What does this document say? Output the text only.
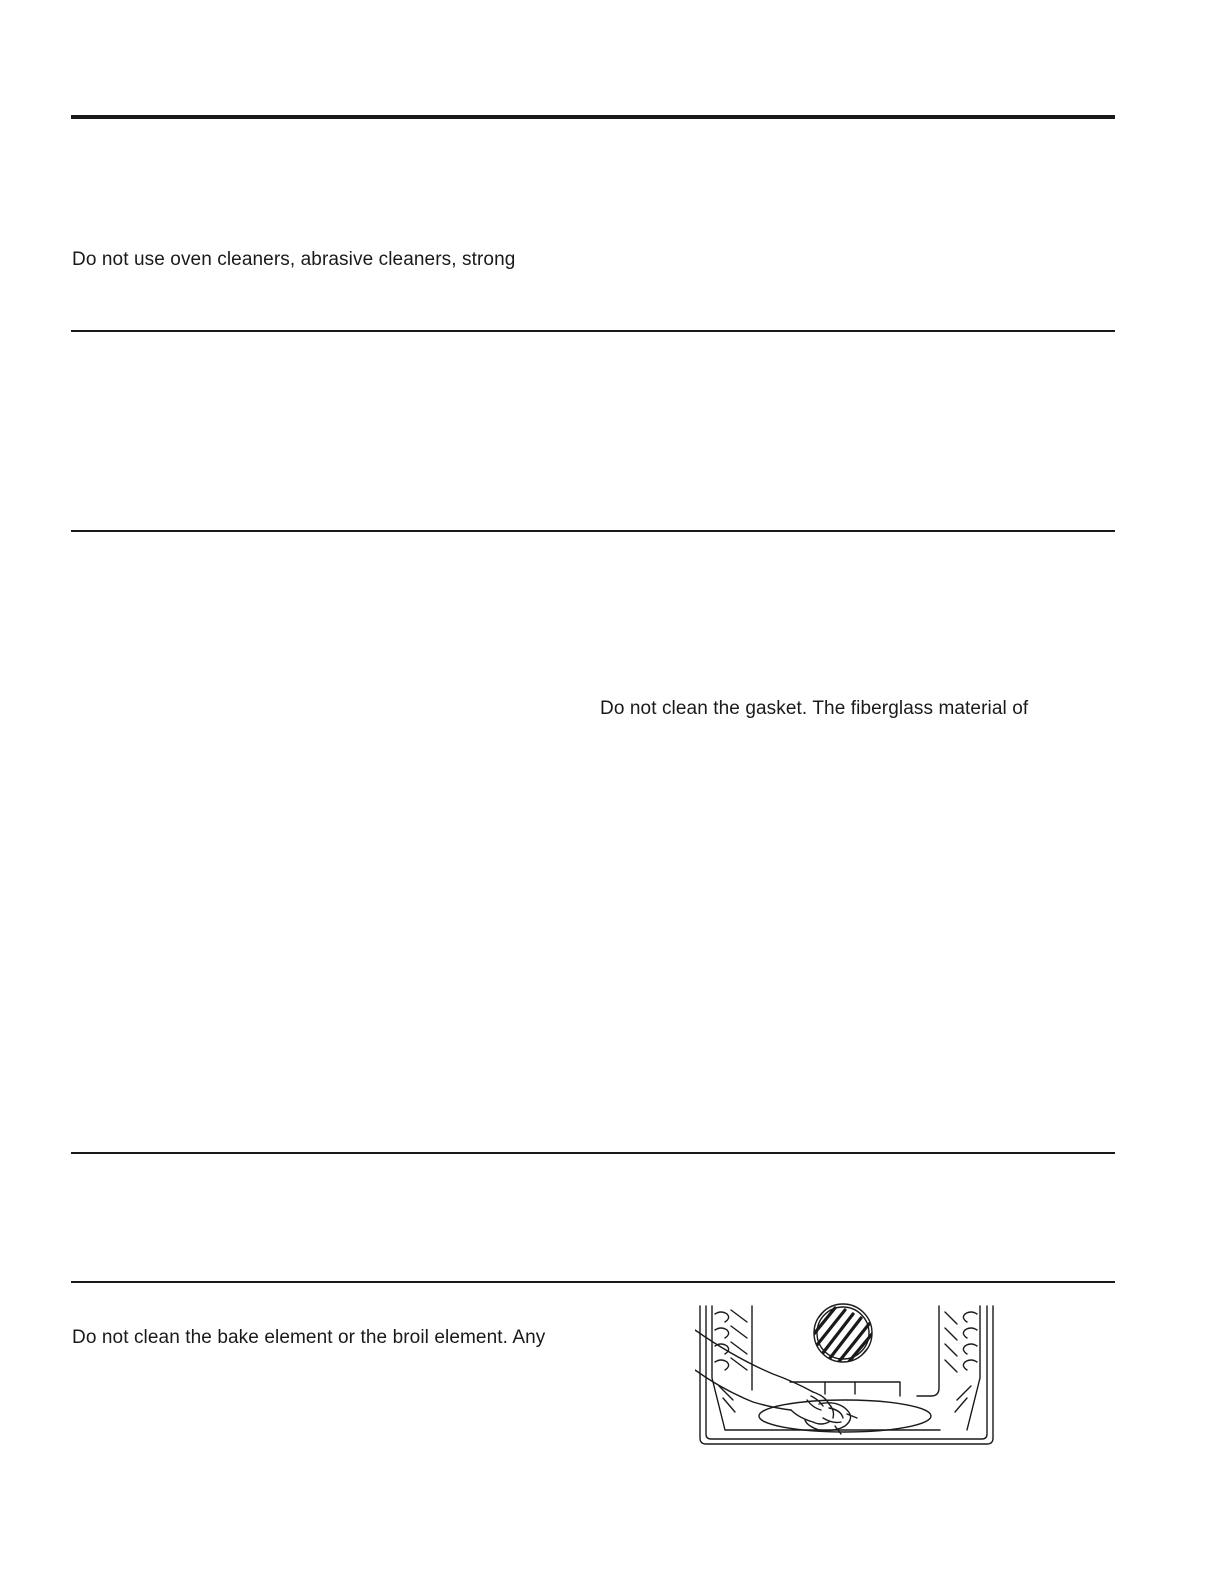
Do not use oven cleaners, abrasive cleaners, strong
Do not clean the gasket. The fiberglass material of
Do not clean the bake element or the broil element. Any
